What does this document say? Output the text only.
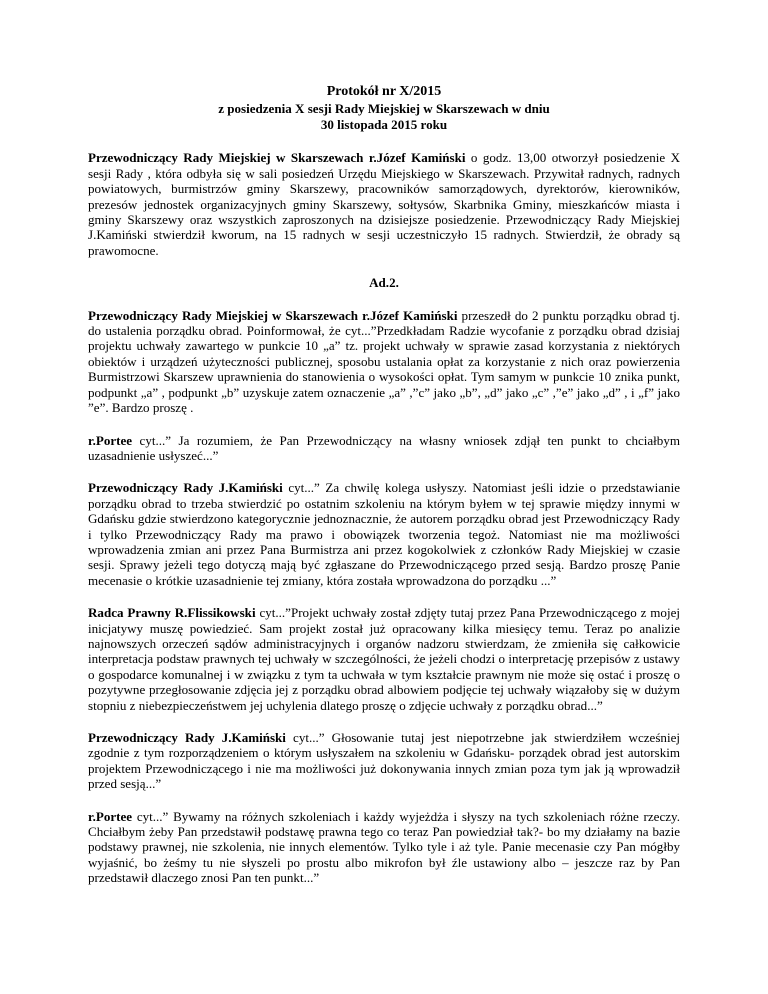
Protokół nr X/2015
z posiedzenia X sesji Rady Miejskiej w Skarszewach w dniu
30 listopada 2015 roku

Przewodniczący Rady Miejskiej w Skarszewach r.Józef Kamiński o godz. 13,00 otworzył posiedzenie X sesji Rady , która odbyła się w sali posiedzeń Urzędu Miejskiego w Skarszewach. Przywitał radnych, radnych powiatowych, burmistrzów gminy Skarszewy, pracowników samorządowych, dyrektorów, kierowników, prezesów jednostek organizacyjnych gminy Skarszewy, sołtysów, Skarbnika Gminy, mieszkańców miasta i gminy Skarszewy oraz wszystkich zaproszonych na dzisiejsze posiedzenie. Przewodniczący Rady Miejskiej J.Kamiński stwierdził kworum, na 15 radnych w sesji uczestniczyło 15 radnych. Stwierdził, że obrady są prawomocne.

Ad.2.

Przewodniczący Rady Miejskiej w Skarszewach r.Józef Kamiński przeszedł do 2 punktu porządku obrad tj. do ustalenia porządku obrad. Poinformował, że cyt...”Przedkładam Radzie wycofanie z porządku obrad dzisiaj projektu uchwały zawartego w punkcie 10 „a” tz. projekt uchwały w sprawie zasad korzystania z niektórych obiektów i urządzeń użyteczności publicznej, sposobu ustalania opłat za korzystanie z nich oraz powierzenia Burmistrzowi Skarszew uprawnienia do stanowienia o wysokości opłat. Tym samym w punkcie 10 znika punkt, podpunkt „a” , podpunkt „b” uzyskuje zatem oznaczenie „a” ,”c” jako „b”, „d” jako „c” ,”e” jako „d” , i „f” jako ”e”. Bardzo proszę .

r.Portee cyt...” Ja rozumiem, że Pan Przewodniczący na własny wniosek zdjął ten punkt to chciałbym uzasadnienie usłyszeć...”

Przewodniczący Rady J.Kamiński cyt...” Za chwilę kolega usłyszy. Natomiast jeśli idzie o przedstawianie porządku obrad to trzeba stwierdzić po ostatnim szkoleniu na którym byłem w tej sprawie między innymi w Gdańsku gdzie stwierdzono kategorycznie jednoznacznie, że autorem porządku obrad jest Przewodniczący Rady i tylko Przewodniczący Rady ma prawo i obowiązek tworzenia tegoż. Natomiast nie ma możliwości wprowadzenia zmian ani przez Pana Burmistrza ani przez kogokolwiek z członków Rady Miejskiej w czasie sesji. Sprawy jeżeli tego dotyczą mają być zgłaszane do Przewodniczącego przed sesją. Bardzo proszę Panie mecenasie o krótkie uzasadnienie tej zmiany, która została wprowadzona do porządku ...”

Radca Prawny R.Flissikowski cyt...”Projekt uchwały został zdjęty tutaj przez Pana Przewodniczącego z mojej inicjatywy muszę powiedzieć. Sam projekt został już opracowany kilka miesięcy temu. Teraz po analizie najnowszych orzeczeń sądów administracyjnych i organów nadzoru stwierdzam, że zmieniła się całkowicie interpretacja podstaw prawnych tej uchwały w szczególności, że jeżeli chodzi o interpretację przepisów z ustawy o gospodarce komunalnej i w związku z tym ta uchwała w tym kształcie prawnym nie może się ostać i proszę o pozytywne przegłosowanie zdjęcia jej z porządku obrad albowiem podjęcie tej uchwały wiązałoby się w dużym stopniu z niebezpieczeństwem jej uchylenia dlatego proszę o zdjęcie uchwały z porządku obrad...”

Przewodniczący Rady J.Kamiński cyt...” Głosowanie tutaj jest niepotrzebne jak stwierdziłem wcześniej zgodnie z tym rozporządzeniem o którym usłyszałem na szkoleniu w Gdańsku- porządek obrad jest autorskim projektem Przewodniczącego i nie ma możliwości już dokonywania innych zmian poza tym jak ją wprowadził przed sesją...”

r.Portee cyt...” Bywamy na różnych szkoleniach i każdy wyjeżdża i słyszy na tych szkoleniach różne rzeczy. Chciałbym żeby Pan przedstawił podstawę prawna tego co teraz Pan powiedział tak?- bo my działamy na bazie podstawy prawnej, nie szkolenia, nie innych elementów. Tylko tyle i aż tyle. Panie mecenasie czy Pan mógłby wyjaśnić, bo żeśmy tu nie słyszeli po prostu albo mikrofon był źle ustawiony albo – jeszcze raz by Pan przedstawił dlaczego znosi Pan ten punkt...”
